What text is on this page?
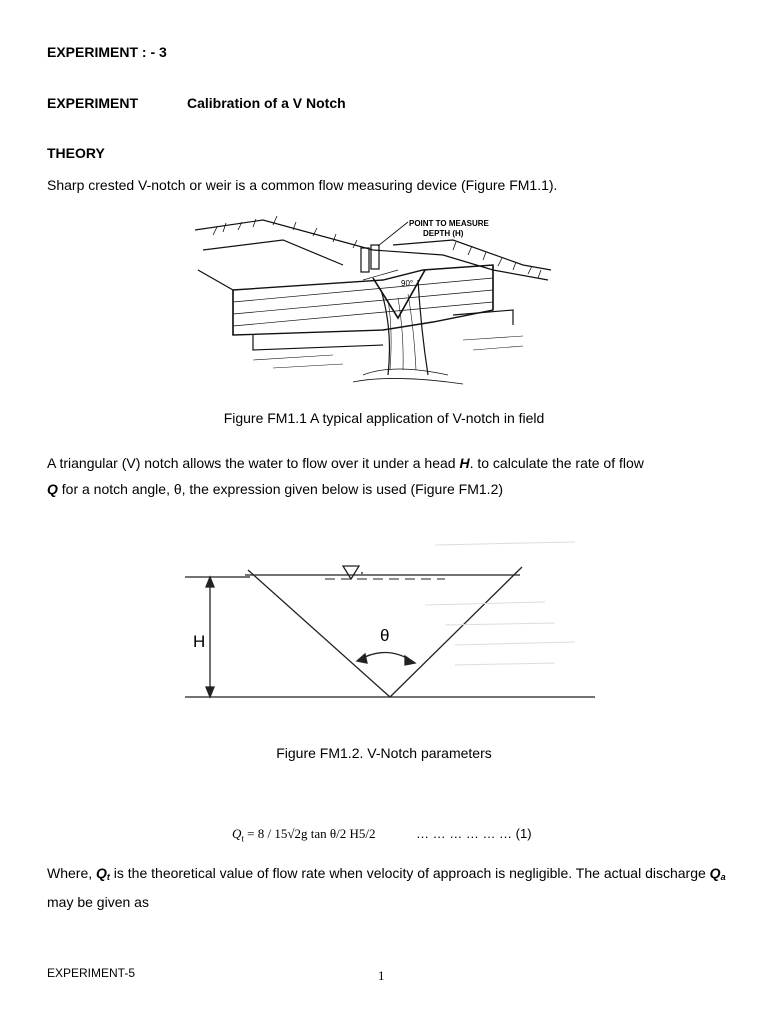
EXPERIMENT : - 3
EXPERIMENT	Calibration of a V Notch
THEORY
Sharp crested V-notch or weir is a common flow measuring device (Figure FM1.1).
POINT TO MEASURE
DEPTH (H)
90°
Figure FM1.1 A typical application of V-notch in field
A triangular (V) notch allows the water to flow over it under a head H. to calculate the rate of flow
Q for a notch angle, θ, the expression given below is used (Figure FM1.2)
H	θ
Figure FM1.2. V-Notch parameters
$Q_t = 8 / 15√2g$ tan θ/2 H5/2	… … … … … … (1)
Where, $Q_t$ is the theoretical value of flow rate when velocity of approach is negligible. The actual discharge $Q_a$ may be given as
EXPERIMENT-5	1
